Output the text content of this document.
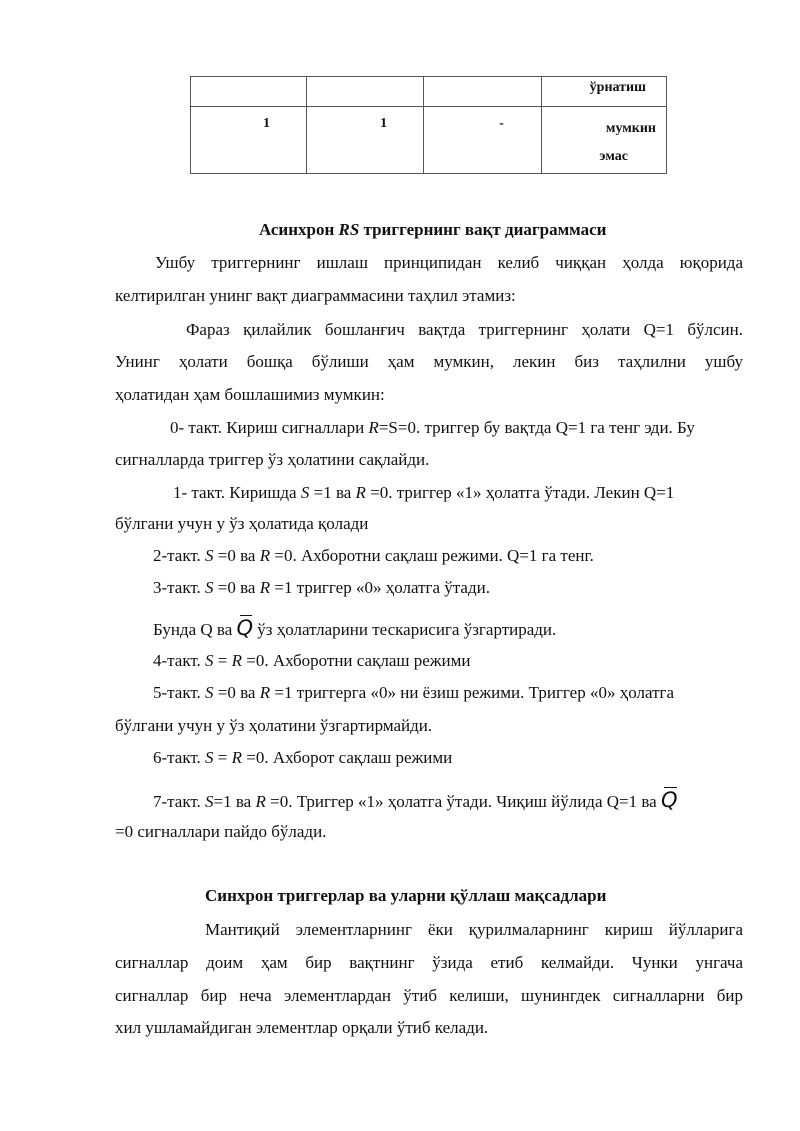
			ўрнатиш
1	1	-	мумкин
эмас
Асинхрон RS триггернинг вақт диаграммаси
Ушбу триггернинг ишлаш принципидан келиб чиққан ҳолда юқорида
келтирилган унинг вақт диаграммасини таҳлил этамиз:
Фараз қилайлик бошланғич вақтда триггернинг ҳолати Q=1 бўлсин.
Унинг ҳолати бошқа бўлиши ҳам мумкин, лекин биз таҳлилни ушбу
ҳолатидан ҳам бошлашимиз мумкин:
0- такт. Кириш сигналлари R=S=0. триггер бу вақтда Q=1 га тенг эди. Бу
сигналларда триггер ўз ҳолатини сақлайди.
1- такт. Киришда S =1 ва R =0. триггер «1» ҳолатга ўтади. Лекин Q=1
бўлгани учун у ўз ҳолатида қолади
2-такт. S =0 ва R =0. Ахборотни сақлаш режими. Q=1 га тенг.
3-такт. S =0 ва R =1 триггер «0» ҳолатга ўтади.
Бунда Q ва Q ўз ҳолатларини тескарисига ўзгартиради.
4-такт. S = R =0. Ахборотни сақлаш режими
5-такт. S =0 ва R =1 триггерга «0» ни ёзиш режими. Триггер «0» ҳолатга
бўлгани учун у ўз ҳолатини ўзгартирмайди.
6-такт. S = R =0. Ахборот сақлаш режими
7-такт. S=1 ва R =0. Триггер «1» ҳолатга ўтади. Чиқиш йўлида Q=1 ва Q
=0 сигналлари пайдо бўлади.
Синхрон триггерлар ва уларни қўллаш мақсадлари
Мантиқий элементларнинг ёки қурилмаларнинг кириш йўлларига
сигналлар доим ҳам бир вақтнинг ўзида етиб келмайди. Чунки унгача
сигналлар бир неча элементлардан ўтиб келиши, шунингдек сигналларни бир
хил ушламайдиган элементлар орқали ўтиб келади.
